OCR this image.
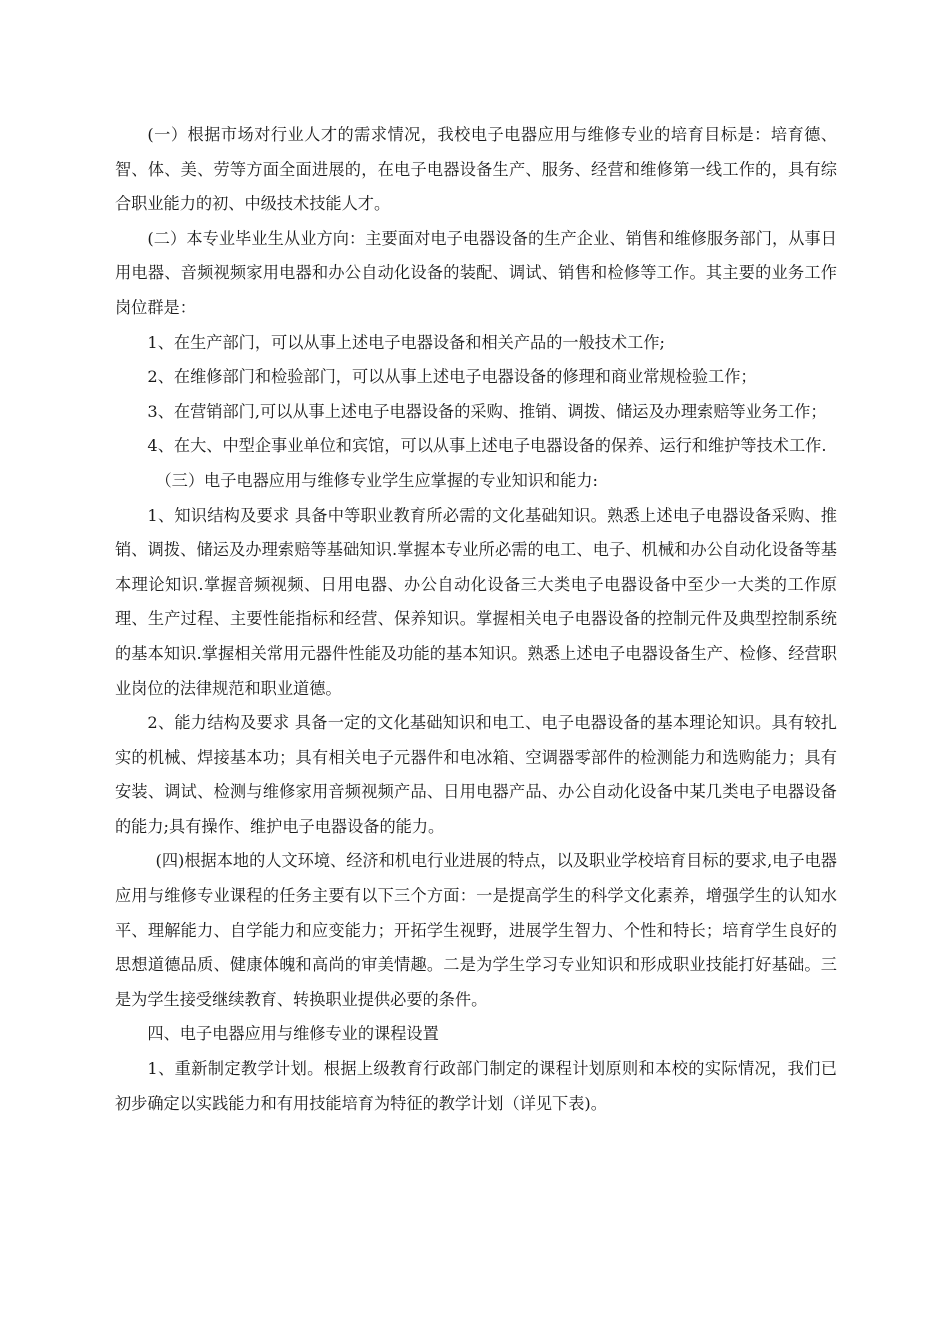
(一）根据市场对行业人才的需求情况，我校电子电器应用与维修专业的培育目标是：培育德、智、体、美、劳等方面全面进展的，在电子电器设备生产、服务、经营和维修第一线工作的，具有综合职业能力的初、中级技术技能人才。

(二）本专业毕业生从业方向：主要面对电子电器设备的生产企业、销售和维修服务部门，从事日用电器、音频视频家用电器和办公自动化设备的装配、调试、销售和检修等工作。其主要的业务工作岗位群是：

1、在生产部门，可以从事上述电子电器设备和相关产品的一般技术工作;

2、在维修部门和检验部门，可以从事上述电子电器设备的修理和商业常规检验工作；

3、在营销部门,可以从事上述电子电器设备的采购、推销、调拨、储运及办理索赔等业务工作；

4、在大、中型企事业单位和宾馆，可以从事上述电子电器设备的保养、运行和维护等技术工作.

（三）电子电器应用与维修专业学生应掌握的专业知识和能力:

1、知识结构及要求 具备中等职业教育所必需的文化基础知识。熟悉上述电子电器设备采购、推销、调拨、储运及办理索赔等基础知识.掌握本专业所必需的电工、电子、机械和办公自动化设备等基本理论知识.掌握音频视频、日用电器、办公自动化设备三大类电子电器设备中至少一大类的工作原理、生产过程、主要性能指标和经营、保养知识。掌握相关电子电器设备的控制元件及典型控制系统的基本知识.掌握相关常用元器件性能及功能的基本知识。熟悉上述电子电器设备生产、检修、经营职业岗位的法律规范和职业道德。

2、能力结构及要求 具备一定的文化基础知识和电工、电子电器设备的基本理论知识。具有较扎实的机械、焊接基本功；具有相关电子元器件和电冰箱、空调器零部件的检测能力和选购能力；具有安装、调试、检测与维修家用音频视频产品、日用电器产品、办公自动化设备中某几类电子电器设备的能力;具有操作、维护电子电器设备的能力。

(四)根据本地的人文环境、经济和机电行业进展的特点，以及职业学校培育目标的要求,电子电器应用与维修专业课程的任务主要有以下三个方面：一是提高学生的科学文化素养，增强学生的认知水平、理解能力、自学能力和应变能力；开拓学生视野，进展学生智力、个性和特长；培育学生良好的思想道德品质、健康体魄和高尚的审美情趣。二是为学生学习专业知识和形成职业技能打好基础。三是为学生接受继续教育、转换职业提供必要的条件。

四、电子电器应用与维修专业的课程设置

1、重新制定教学计划。根据上级教育行政部门制定的课程计划原则和本校的实际情况，我们已初步确定以实践能力和有用技能培育为特征的教学计划（详见下表)。
